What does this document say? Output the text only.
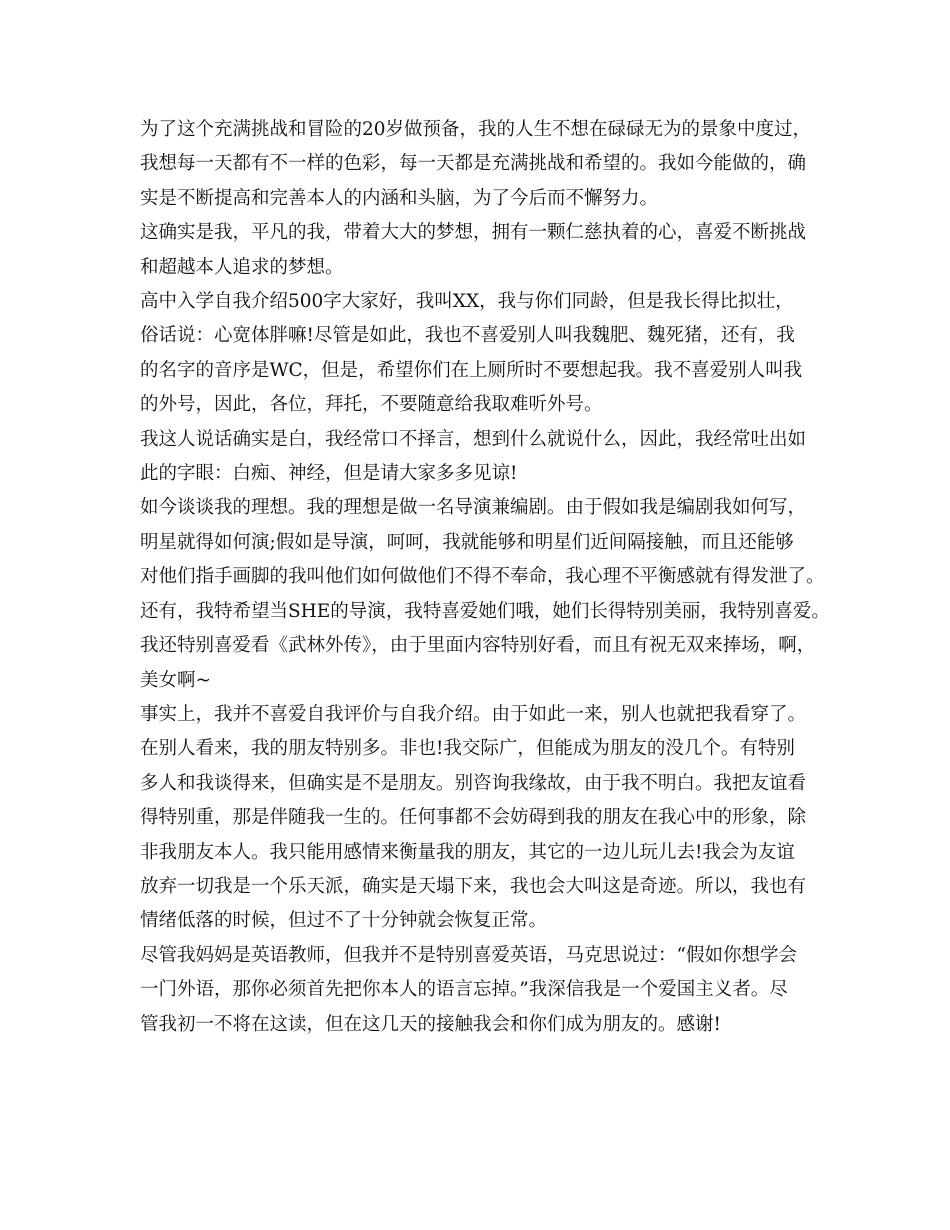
为了这个充满挑战和冒险的20岁做预备，我的人生不想在碌碌无为的景象中度过，
我想每一天都有不一样的色彩，每一天都是充满挑战和希望的。我如今能做的，确
实是不断提高和完善本人的内涵和头脑，为了今后而不懈努力。
这确实是我，平凡的我，带着大大的梦想，拥有一颗仁慈执着的心，喜爱不断挑战
和超越本人追求的梦想。
高中入学自我介绍500字大家好，我叫XX，我与你们同龄，但是我长得比拟壮，
俗话说：心宽体胖嘛!尽管是如此，我也不喜爱别人叫我魏肥、魏死猪，还有，我
的名字的音序是WC，但是，希望你们在上厕所时不要想起我。我不喜爱别人叫我
的外号，因此，各位，拜托，不要随意给我取难听外号。
我这人说话确实是白，我经常口不择言，想到什么就说什么，因此，我经常吐出如
此的字眼：白痴、神经，但是请大家多多见谅!
如今谈谈我的理想。我的理想是做一名导演兼编剧。由于假如我是编剧我如何写，
明星就得如何演;假如是导演，呵呵，我就能够和明星们近间隔接触，而且还能够
对他们指手画脚的我叫他们如何做他们不得不奉命，我心理不平衡感就有得发泄了。
还有，我特希望当SHE的导演，我特喜爱她们哦，她们长得特别美丽，我特别喜爱。
我还特别喜爱看《武林外传》，由于里面内容特别好看，而且有祝无双来捧场，啊，
美女啊~
事实上，我并不喜爱自我评价与自我介绍。由于如此一来，别人也就把我看穿了。
在别人看来，我的朋友特别多。非也!我交际广，但能成为朋友的没几个。有特别
多人和我谈得来，但确实是不是朋友。别咨询我缘故，由于我不明白。我把友谊看
得特别重，那是伴随我一生的。任何事都不会妨碍到我的朋友在我心中的形象，除
非我朋友本人。我只能用感情来衡量我的朋友，其它的一边儿玩儿去!我会为友谊
放弃一切我是一个乐天派，确实是天塌下来，我也会大叫这是奇迹。所以，我也有
情绪低落的时候，但过不了十分钟就会恢复正常。
尽管我妈妈是英语教师，但我并不是特别喜爱英语，马克思说过：“假如你想学会
一门外语，那你必须首先把你本人的语言忘掉。”我深信我是一个爱国主义者。尽
管我初一不将在这读，但在这几天的接触我会和你们成为朋友的。感谢!
